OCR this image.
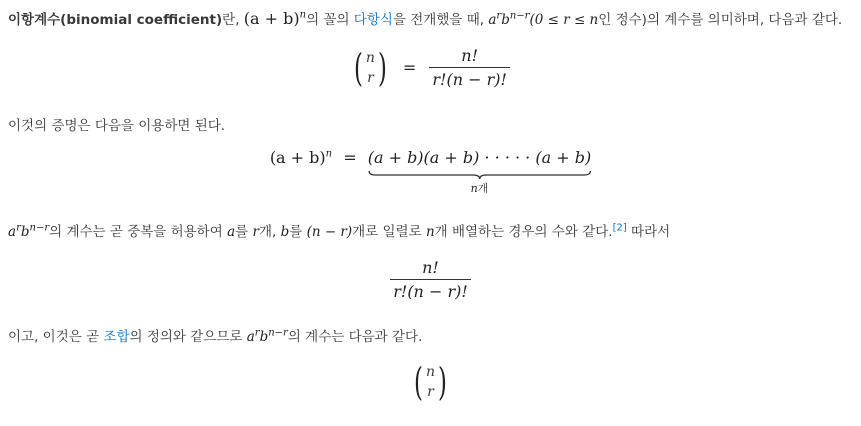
이항계수(binomial coefficient)란, $(a + b)^n$의 꼴의 다항식을 전개했을 때, $a^rb^{n-r}(0 \le r \le n$인 정수)의 계수를 의미하며, 다음과 같다.

( n
r ) = $\frac{n!}{r!(n - r)!}$

이것의 증명은 다음을 이용하면 된다.

$(a + b)^n = (a + b)(a + b)$ · · · · · (a + b)
n개

$a^rb^{n-r}$의 계수는 곧 중복을 허용하여 a를 r개, b를 (n − r)개로 일렬로 n개 배열하는 경우의 수와 같다.[2] 따라서

$\frac{n!}{r!(n - r)!}$

이고, 이것은 곧 조합의 정의와 같으므로 $a^rb^{n-r}$의 계수는 다음과 같다.

( n
r )
